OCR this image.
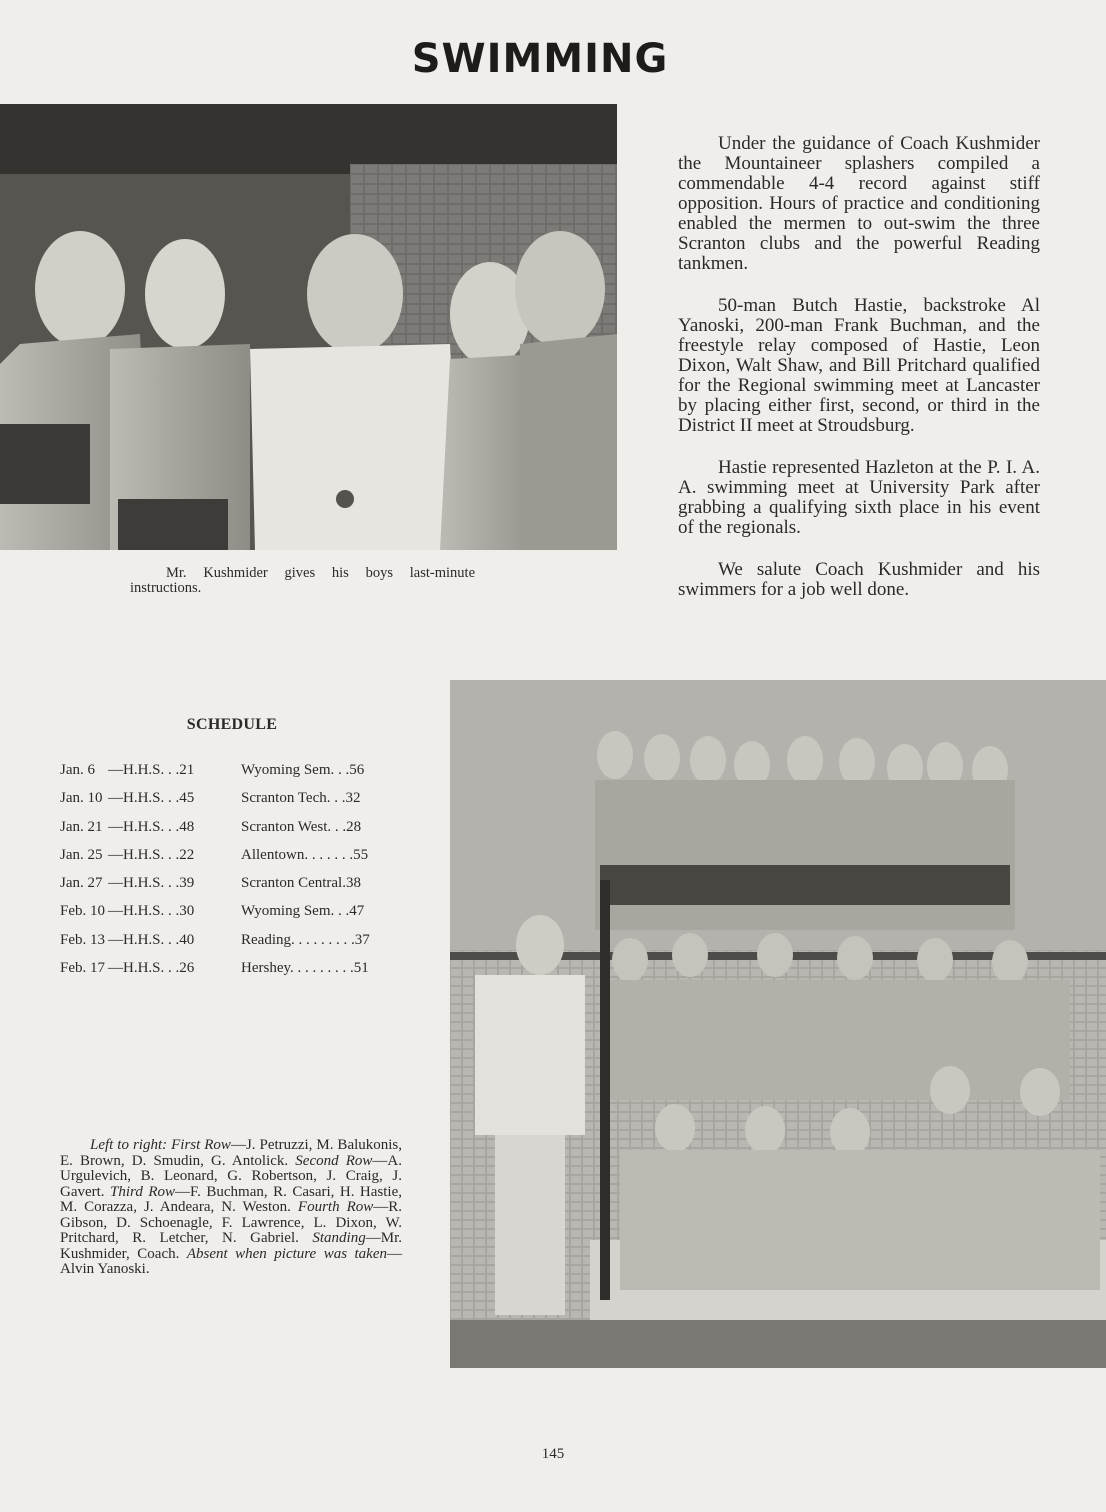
SWIMMING
Mr. Kushmider gives his boys last-minute instructions.

Under the guidance of Coach Kushmider the Mountaineer splashers compiled a commendable 4-4 record against stiff opposition. Hours of practice and conditioning enabled the mermen to out-swim the three Scranton clubs and the powerful Reading tankmen.

50-man Butch Hastie, backstroke Al Yanoski, 200-man Frank Buchman, and the freestyle relay composed of Hastie, Leon Dixon, Walt Shaw, and Bill Pritchard qualified for the Regional swimming meet at Lancaster by placing either first, second, or third in the District II meet at Stroudsburg.

Hastie represented Hazleton at the P. I. A. A. swimming meet at University Park after grabbing a qualifying sixth place in his event of the regionals.

We salute Coach Kushmider and his swimmers for a job well done.

SCHEDULE
Jan. 6 —H.H.S. . .21	Wyoming Sem. . .56
Jan. 10 —H.H.S. . .45	Scranton Tech. . .32
Jan. 21 —H.H.S. . .48	Scranton West. . .28
Jan. 25 —H.H.S. . .22	Allentown. . . . . . .55
Jan. 27 —H.H.S. . .39	Scranton Central.38
Feb. 10 —H.H.S. . .30	Wyoming Sem. . .47
Feb. 13 —H.H.S. . .40	Reading. . . . . . . . .37
Feb. 17 —H.H.S. . .26	Hershey. . . . . . . . .51
Left to right: First Row—J. Petruzzi, M. Balukonis, E. Brown, D. Smudin, G. Antolick. Second Row—A. Urgulevich, B. Leonard, G. Robertson, J. Craig, J. Gavert. Third Row—F. Buchman, R. Casari, H. Hastie, M. Corazza, J. Andeara, N. Weston. Fourth Row—R. Gibson, D. Schoenagle, F. Lawrence, L. Dixon, W. Pritchard, R. Letcher, N. Gabriel. Standing—Mr. Kushmider, Coach. Absent when picture was taken—Alvin Yanoski.
145
